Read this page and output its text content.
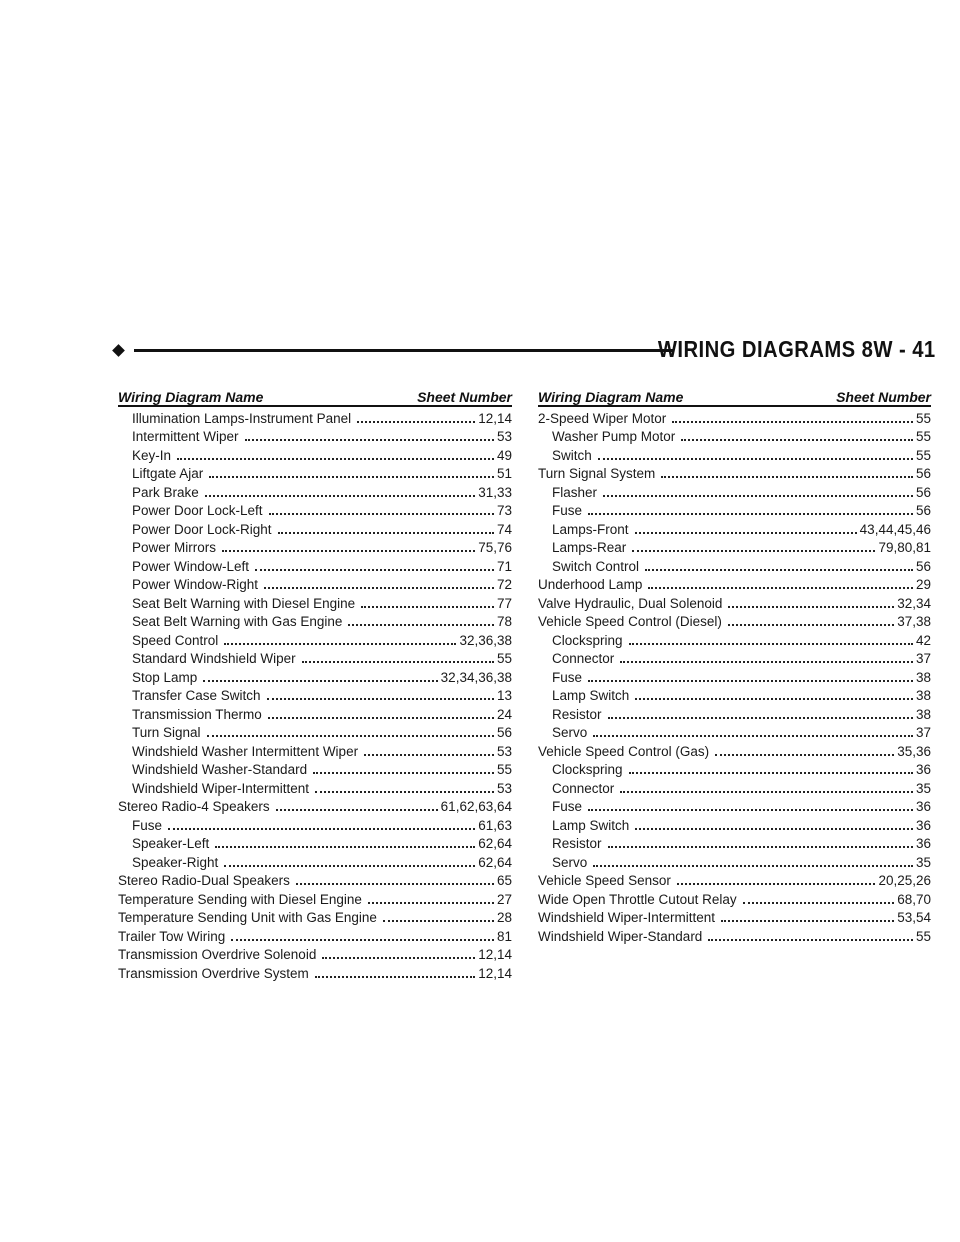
WIRING DIAGRAMS 8W - 41
Wiring Diagram Name	Sheet Number
Illumination Lamps-Instrument Panel	12,14
Intermittent Wiper	53
Key-In	49
Liftgate Ajar	51
Park Brake	31,33
Power Door Lock-Left	73
Power Door Lock-Right	74
Power Mirrors	75,76
Power Window-Left	71
Power Window-Right	72
Seat Belt Warning with Diesel Engine	77
Seat Belt Warning with Gas Engine	78
Speed Control	32,36,38
Standard Windshield Wiper	55
Stop Lamp	32,34,36,38
Transfer Case Switch	13
Transmission Thermo	24
Turn Signal	56
Windshield Washer Intermittent Wiper	53
Windshield Washer-Standard	55
Windshield Wiper-Intermittent	53
Stereo Radio-4 Speakers	61,62,63,64
Fuse	61,63
Speaker-Left	62,64
Speaker-Right	62,64
Stereo Radio-Dual Speakers	65
Temperature Sending with Diesel Engine	27
Temperature Sending Unit with Gas Engine	28
Trailer Tow Wiring	81
Transmission Overdrive Solenoid	12,14
Transmission Overdrive System	12,14
Wiring Diagram Name	Sheet Number
2-Speed Wiper Motor	55
Washer Pump Motor	55
Switch	55
Turn Signal System	56
Flasher	56
Fuse	56
Lamps-Front	43,44,45,46
Lamps-Rear	79,80,81
Switch Control	56
Underhood Lamp	29
Valve Hydraulic, Dual Solenoid	32,34
Vehicle Speed Control (Diesel)	37,38
Clockspring	42
Connector	37
Fuse	38
Lamp Switch	38
Resistor	38
Servo	37
Vehicle Speed Control (Gas)	35,36
Clockspring	36
Connector	35
Fuse	36
Lamp Switch	36
Resistor	36
Servo	35
Vehicle Speed Sensor	20,25,26
Wide Open Throttle Cutout Relay	68,70
Windshield Wiper-Intermittent	53,54
Windshield Wiper-Standard	55
